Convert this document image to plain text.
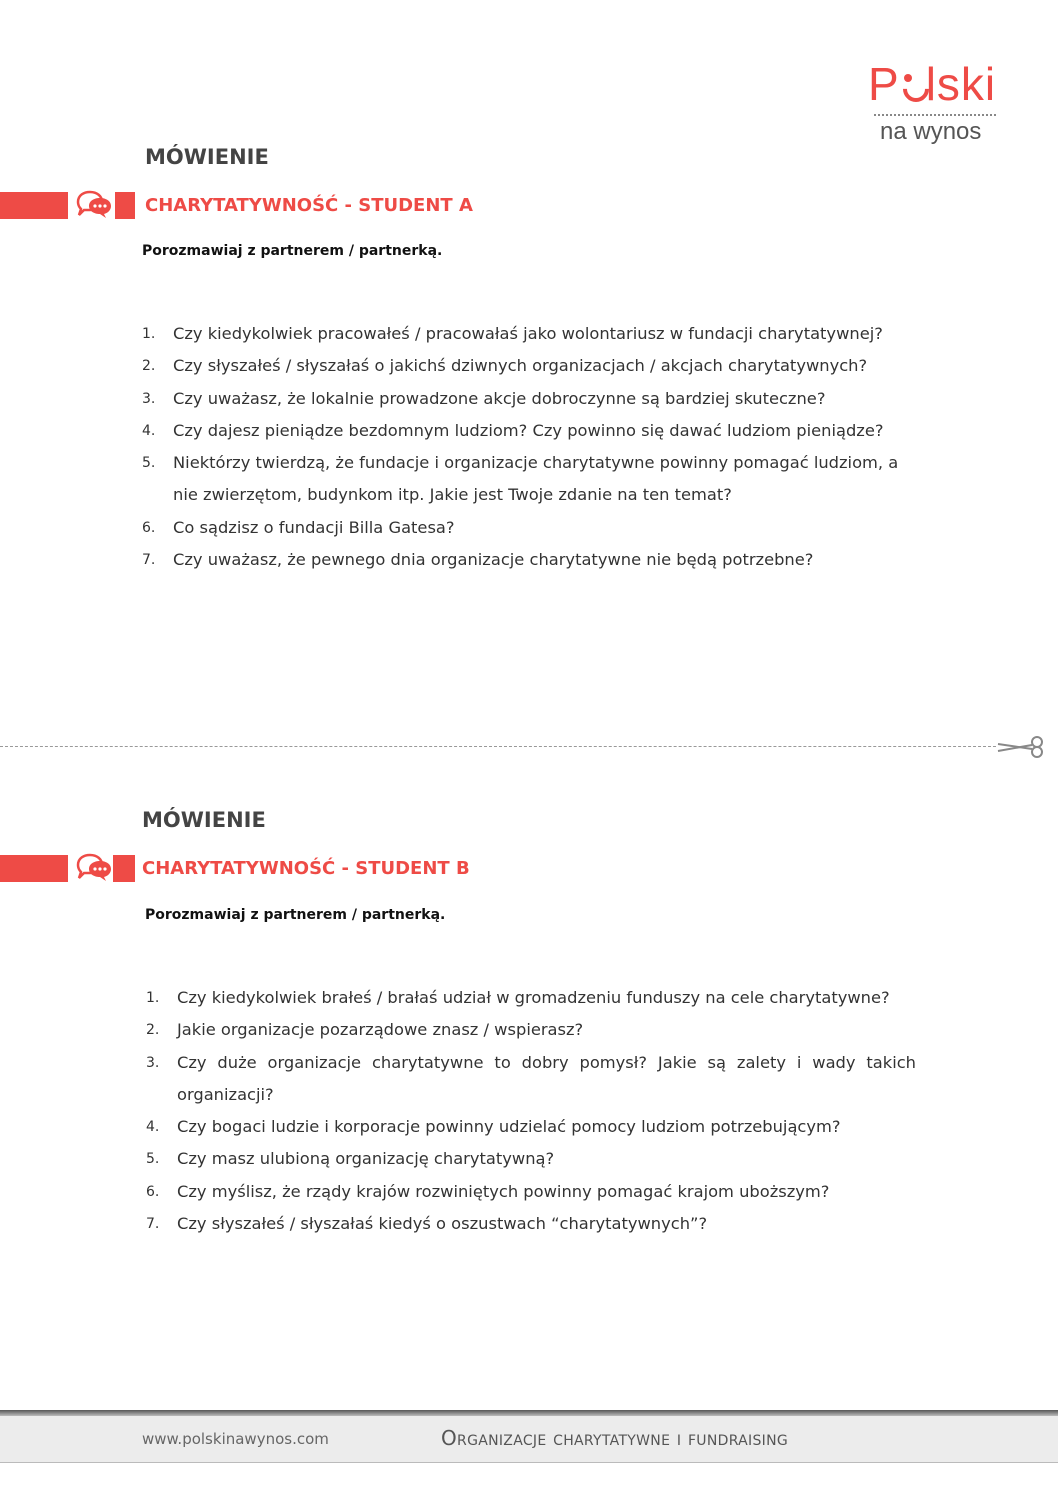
P lski
na wynos
MÓWIENIE
CHARYTATYWNOŚĆ - STUDENT A
Porozmawiaj z partnerem / partnerką.
1. Czy kiedykolwiek pracowałeś / pracowałaś jako wolontariusz w fundacji charytatywnej?
2. Czy słyszałeś / słyszałaś o jakichś dziwnych organizacjach / akcjach charytatywnych?
3. Czy uważasz, że lokalnie prowadzone akcje dobroczynne są bardziej skuteczne?
4. Czy dajesz pieniądze bezdomnym ludziom? Czy powinno się dawać ludziom pieniądze?
5. Niektórzy twierdzą, że fundacje i organizacje charytatywne powinny pomagać ludziom, a nie zwierzętom, budynkom itp. Jakie jest Twoje zdanie na ten temat?
6. Co sądzisz o fundacji Billa Gatesa?
7. Czy uważasz, że pewnego dnia organizacje charytatywne nie będą potrzebne?
MÓWIENIE
CHARYTATYWNOŚĆ - STUDENT B
Porozmawiaj z partnerem / partnerką.
1. Czy kiedykolwiek brałeś / brałaś udział w gromadzeniu funduszy na cele charytatywne?
2. Jakie organizacje pozarządowe znasz / wspierasz?
3. Czy duże organizacje charytatywne to dobry pomysł? Jakie są zalety i wady takich organizacji?
4. Czy bogaci ludzie i korporacje powinny udzielać pomocy ludziom potrzebującym?
5. Czy masz ulubioną organizację charytatywną?
6. Czy myślisz, że rządy krajów rozwiniętych powinny pomagać krajom uboższym?
7. Czy słyszałeś / słyszałaś kiedyś o oszustwach “charytatywnych”?
www.polskinawynos.com	Organizacje charytatywne i fundraising
